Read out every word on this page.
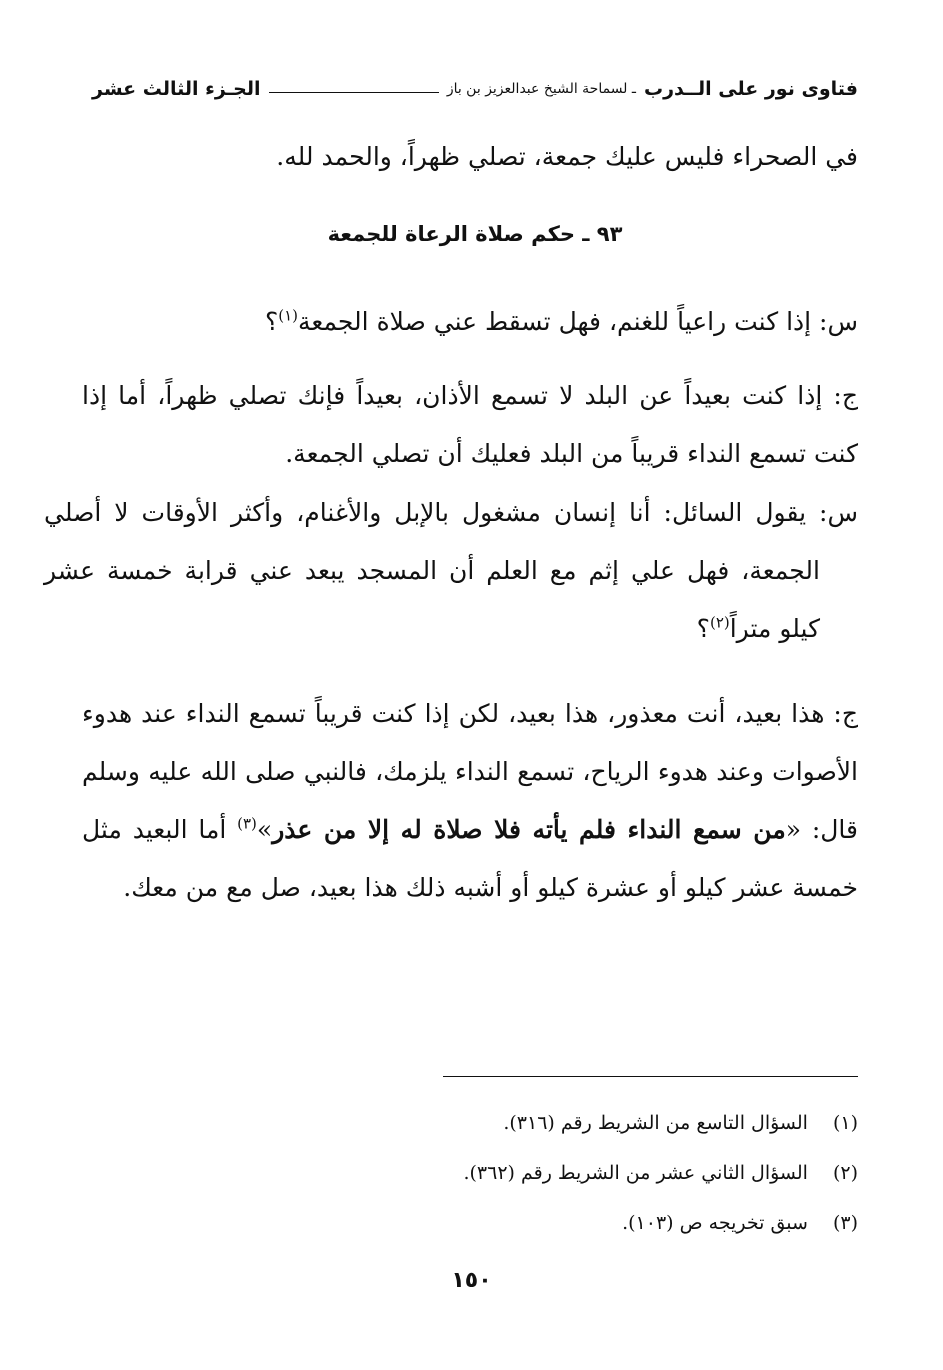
فتاوى نور على الــدرب
ـ لسماحة الشيخ عبدالعزيز بن باز
الجـزء الثالث عشر
في الصحراء فليس عليك جمعة، تصلي ظهراً، والحمد لله.
٩٣ ـ حكم صلاة الرعاة للجمعة
س: إذا كنت راعياً للغنم، فهل تسقط عني صلاة الجمعة$^{(١)}$؟
ج: إذا كنت بعيداً عن البلد لا تسمع الأذان، بعيداً فإنك تصلي ظهراً، أما إذا كنت تسمع النداء قريباً من البلد فعليك أن تصلي الجمعة.
س: يقول السائل: أنا إنسان مشغول بالإبل والأغنام، وأكثر الأوقات لا أصلي الجمعة، فهل علي إثم مع العلم أن المسجد يبعد عني قرابة خمسة عشر كيلو متراً$^{(٢)}$؟
ج: هذا بعيد، أنت معذور، هذا بعيد، لكن إذا كنت قريباً تسمع النداء عند هدوء الأصوات وعند هدوء الرياح، تسمع النداء يلزمك، فالنبي صلى الله عليه وسلم قال: «من سمع النداء فلم يأته فلا صلاة له إلا من عذر»$^{(٣)}$ أما البعيد مثل خمسة عشر كيلو أو عشرة كيلو أو أشبه ذلك هذا بعيد، صل مع من معك.
(١) السؤال التاسع من الشريط رقم (٣١٦).
(٢) السؤال الثاني عشر من الشريط رقم (٣٦٢).
(٣) سبق تخريجه ص (١٠٣).
١٥٠
